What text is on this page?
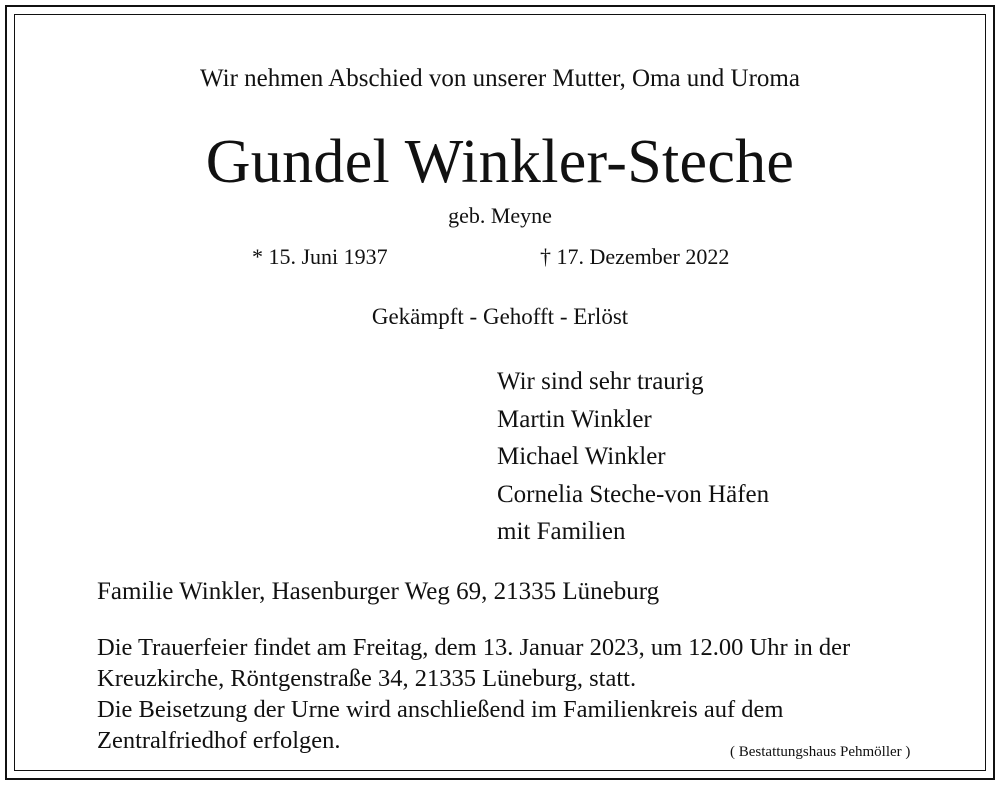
Wir nehmen Abschied von unserer Mutter, Oma und Uroma
Gundel Winkler-Steche
geb. Meyne
* 15. Juni 1937	† 17. Dezember 2022
Gekämpft - Gehofft - Erlöst
Wir sind sehr traurig
Martin Winkler
Michael Winkler
Cornelia Steche-von Häfen
mit Familien
Familie Winkler, Hasenburger Weg 69, 21335 Lüneburg
Die Trauerfeier findet am Freitag, dem 13. Januar 2023, um 12.00 Uhr in der
Kreuzkirche, Röntgenstraße 34, 21335 Lüneburg, statt.
Die Beisetzung der Urne wird anschließend im Familienkreis auf dem
Zentralfriedhof erfolgen.	( Bestattungshaus Pehmöller )
